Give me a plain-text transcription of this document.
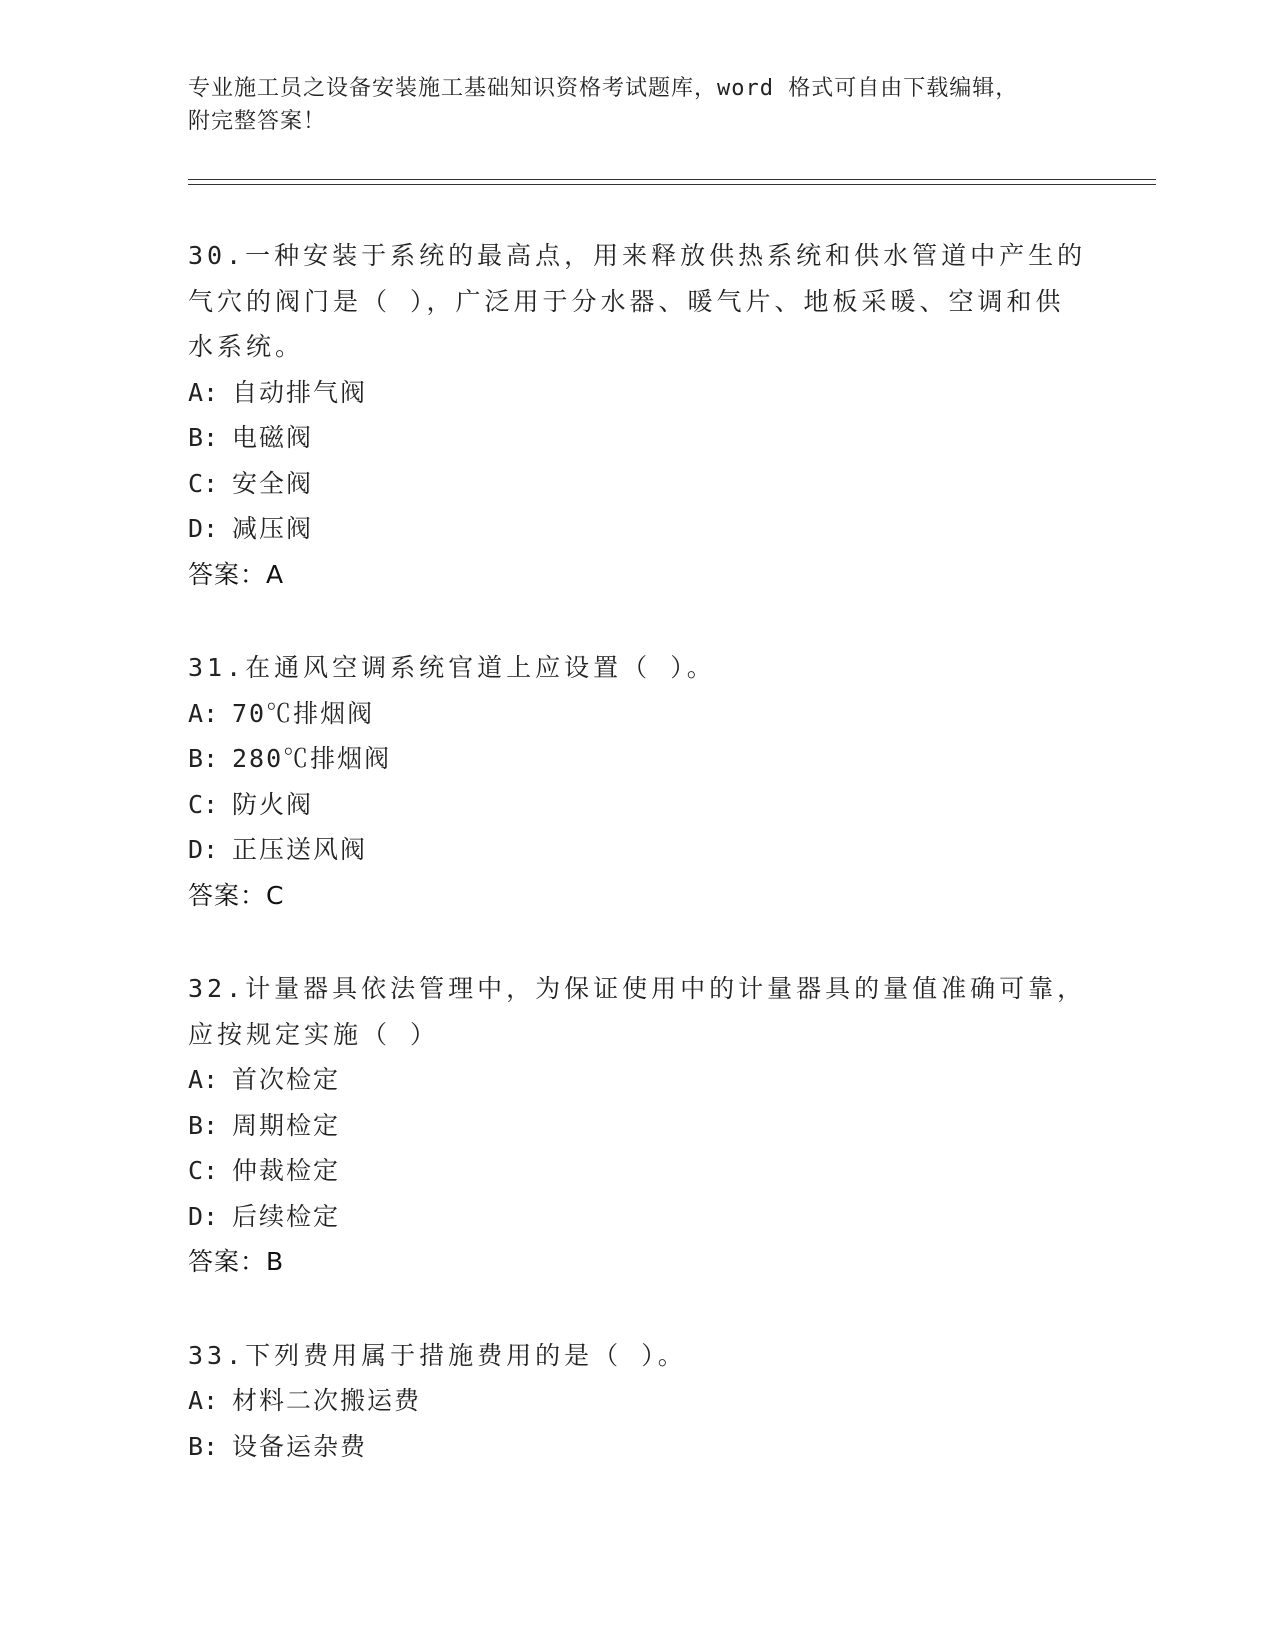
专业施工员之设备安装施工基础知识资格考试题库，word 格式可自由下载编辑，
附完整答案！

30.一种安装于系统的最高点，用来释放供热系统和供水管道中产生的气穴的阀门是（ ），广泛用于分水器、暖气片、地板采暖、空调和供水系统。

A: 自动排气阀

B: 电磁阀

C: 安全阀

D: 减压阀

答案：A

31.在通风空调系统官道上应设置（ ）。

A: 70℃排烟阀

B: 280℃排烟阀

C: 防火阀

D: 正压送风阀

答案：C

32.计量器具依法管理中，为保证使用中的计量器具的量值准确可靠，应按规定实施（ ）

A: 首次检定

B: 周期检定

C: 仲裁检定

D: 后续检定

答案：B

33.下列费用属于措施费用的是（ ）。

A: 材料二次搬运费

B: 设备运杂费
